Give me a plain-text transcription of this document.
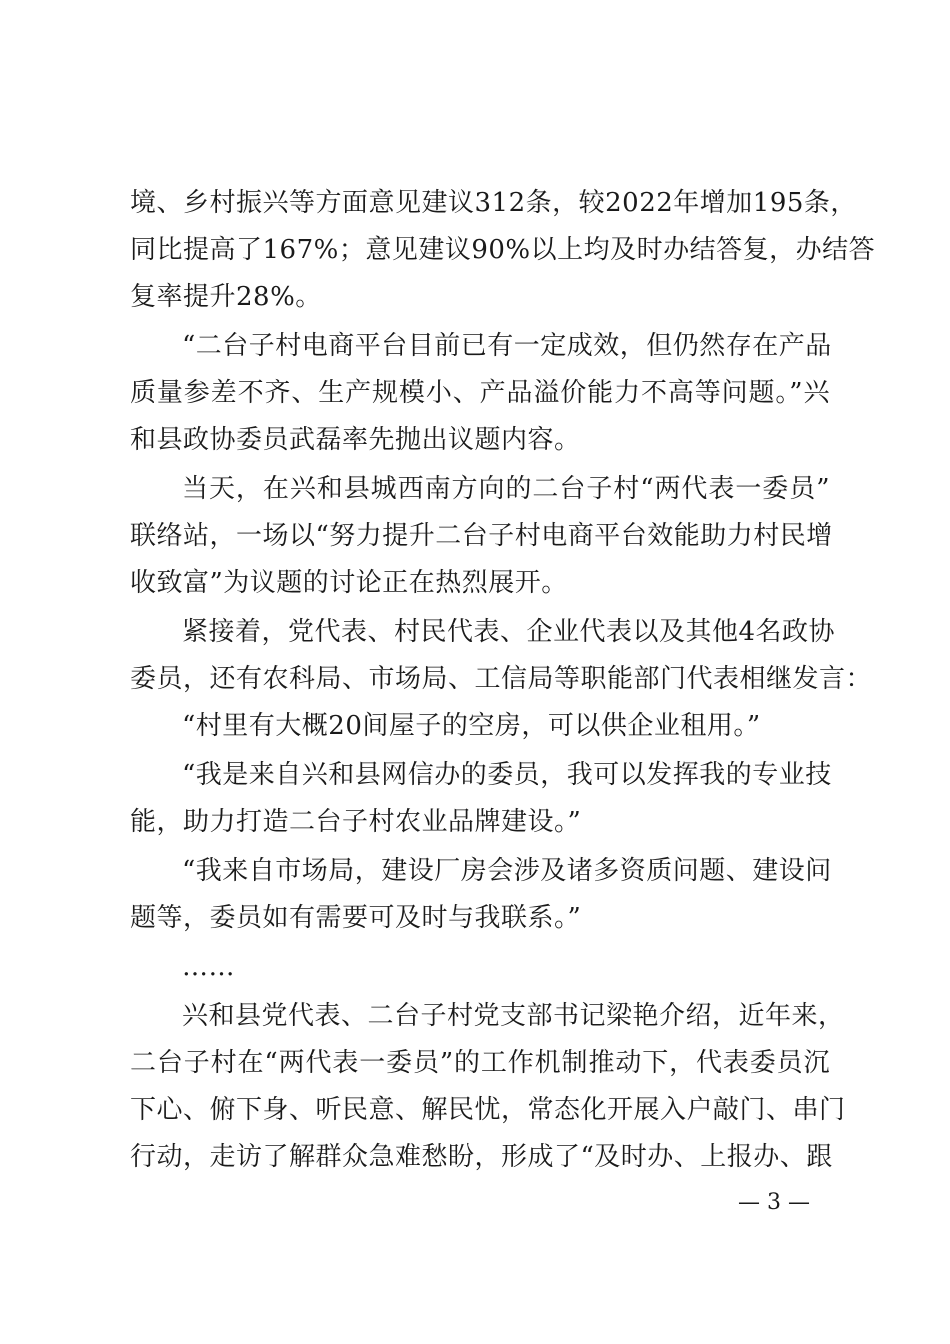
境、乡村振兴等方面意见建议312条，较2022年增加195条，
同比提高了167%；意见建议90%以上均及时办结答复，办结答
复率提升28%。
“二台子村电商平台目前已有一定成效，但仍然存在产品
质量参差不齐、生产规模小、产品溢价能力不高等问题。”兴
和县政协委员武磊率先抛出议题内容。
当天，在兴和县城西南方向的二台子村“两代表一委员”
联络站，一场以“努力提升二台子村电商平台效能助力村民增
收致富”为议题的讨论正在热烈展开。
紧接着，党代表、村民代表、企业代表以及其他4名政协
委员，还有农科局、市场局、工信局等职能部门代表相继发言：
“村里有大概20间屋子的空房，可以供企业租用。”
“我是来自兴和县网信办的委员，我可以发挥我的专业技
能，助力打造二台子村农业品牌建设。”
“我来自市场局，建设厂房会涉及诸多资质问题、建设问
题等，委员如有需要可及时与我联系。”
……
兴和县党代表、二台子村党支部书记梁艳介绍，近年来，
二台子村在“两代表一委员”的工作机制推动下，代表委员沉
下心、俯下身、听民意、解民忧，常态化开展入户敲门、串门
行动，走访了解群众急难愁盼，形成了“及时办、上报办、跟
— 3 —
